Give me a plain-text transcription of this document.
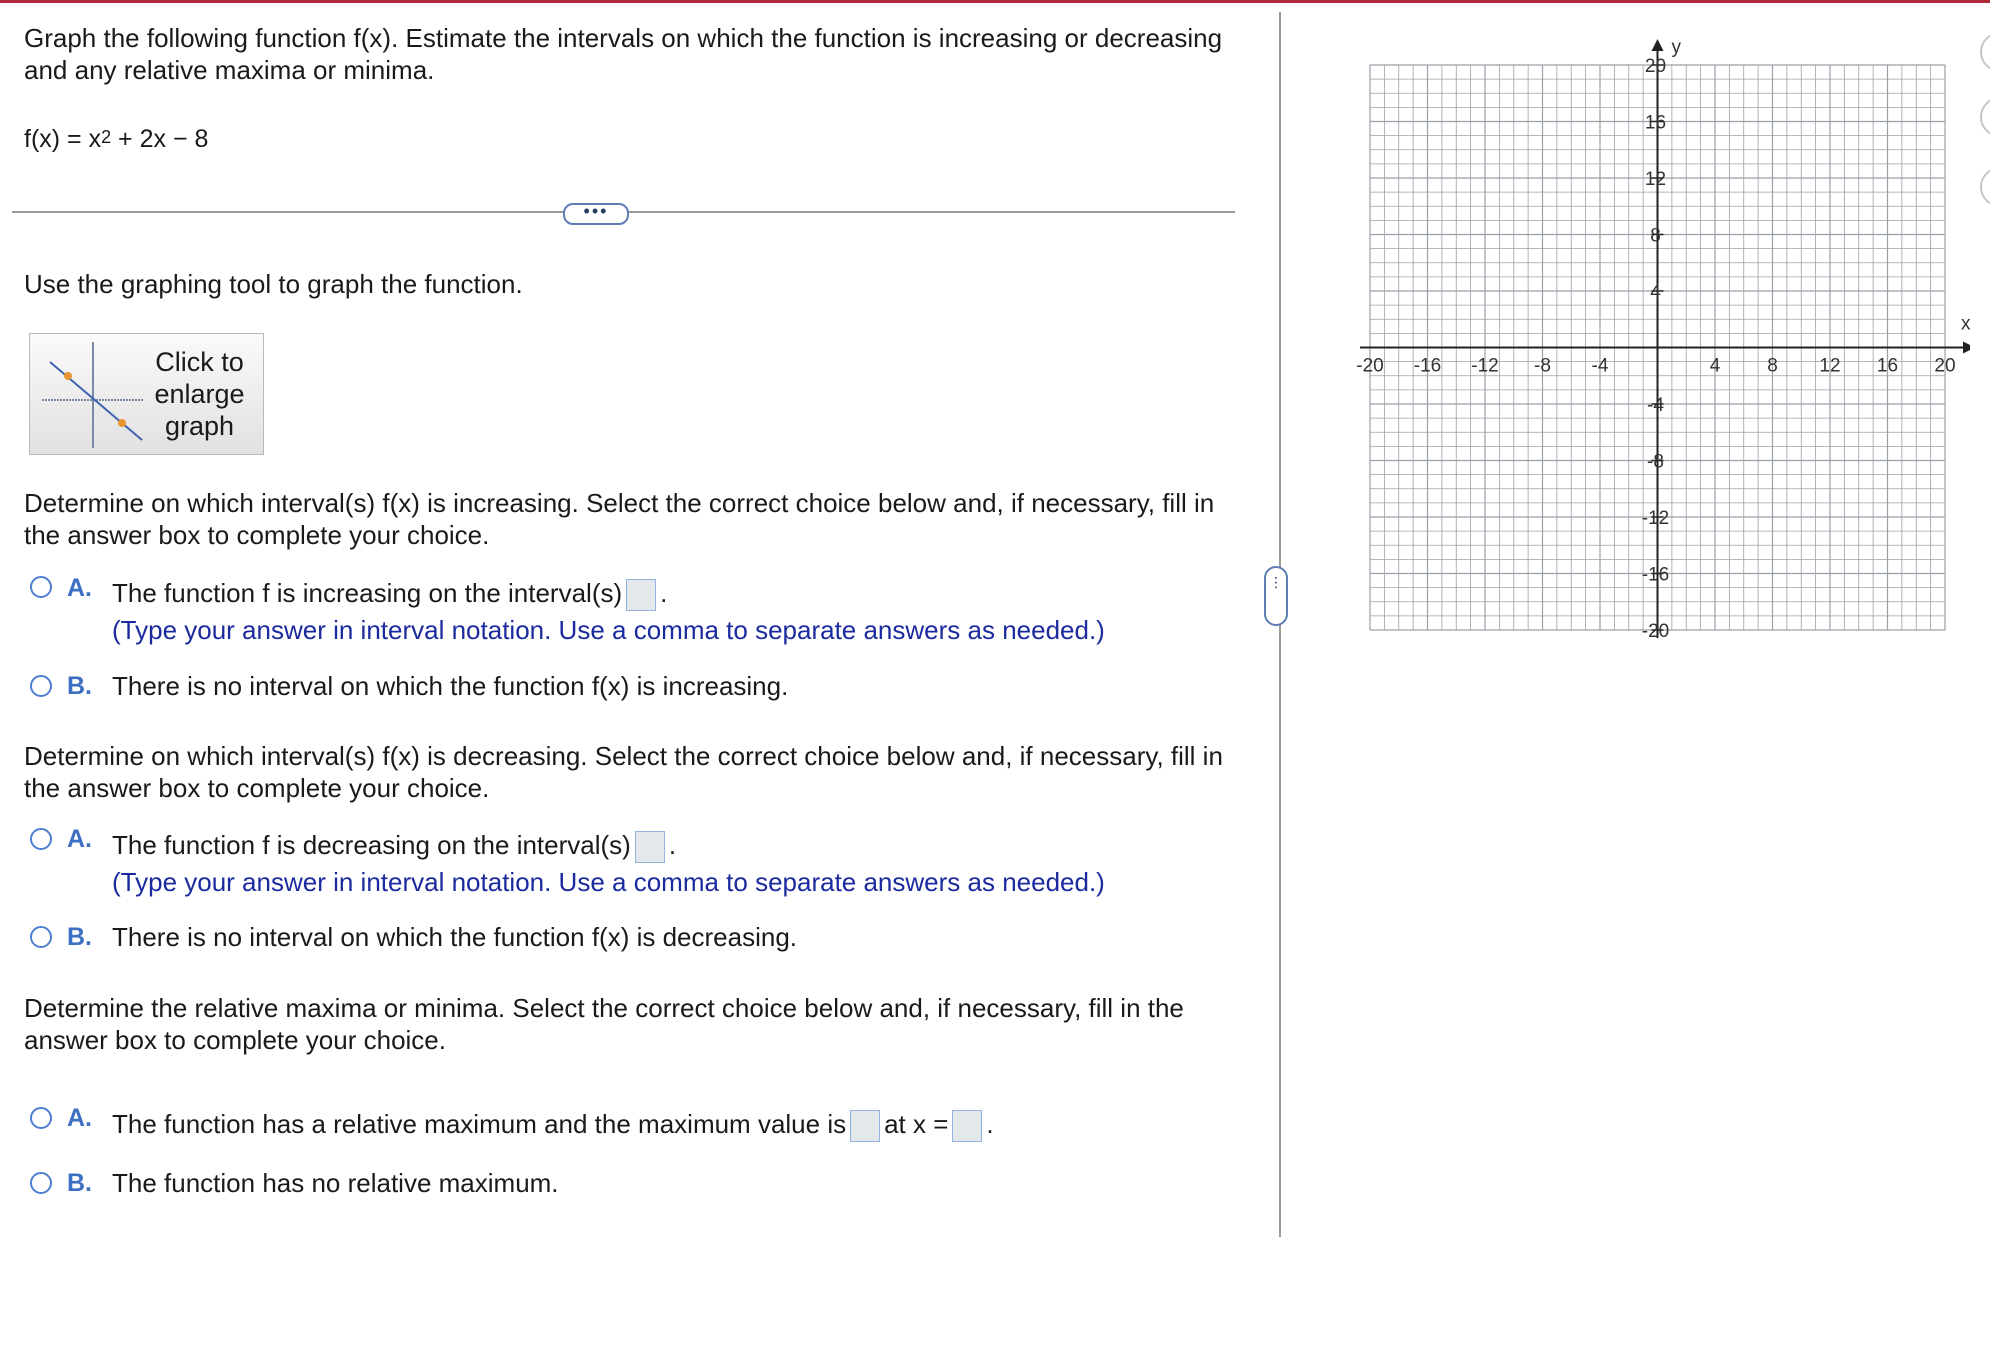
Graph the following function f(x). Estimate the intervals on which the function is increasing or decreasing
and any relative maxima or minima.
$f(x) = x^2 + 2x - 8$
•••
Use the graphing tool to graph the function.
Click to enlarge graph
Determine on which interval(s) f(x) is increasing. Select the correct choice below and, if necessary, fill in
the answer box to complete your choice.
A. The function f is increasing on the interval(s) .
(Type your answer in interval notation. Use a comma to separate answers as needed.)
B. There is no interval on which the function f(x) is increasing.
Determine on which interval(s) f(x) is decreasing. Select the correct choice below and, if necessary, fill in
the answer box to complete your choice.
A. The function f is decreasing on the interval(s) .
(Type your answer in interval notation. Use a comma to separate answers as needed.)
B. There is no interval on which the function f(x) is decreasing.
Determine the relative maxima or minima. Select the correct choice below and, if necessary, fill in the
answer box to complete your choice.
A. The function has a relative maximum and the maximum value is at x = .
B. The function has no relative maximum.
⋮
x
y
-20 -16 -12 -8 -4	4 8 12 16 20
20
16
12
8
4
-4
-8
-12
-16
-20
